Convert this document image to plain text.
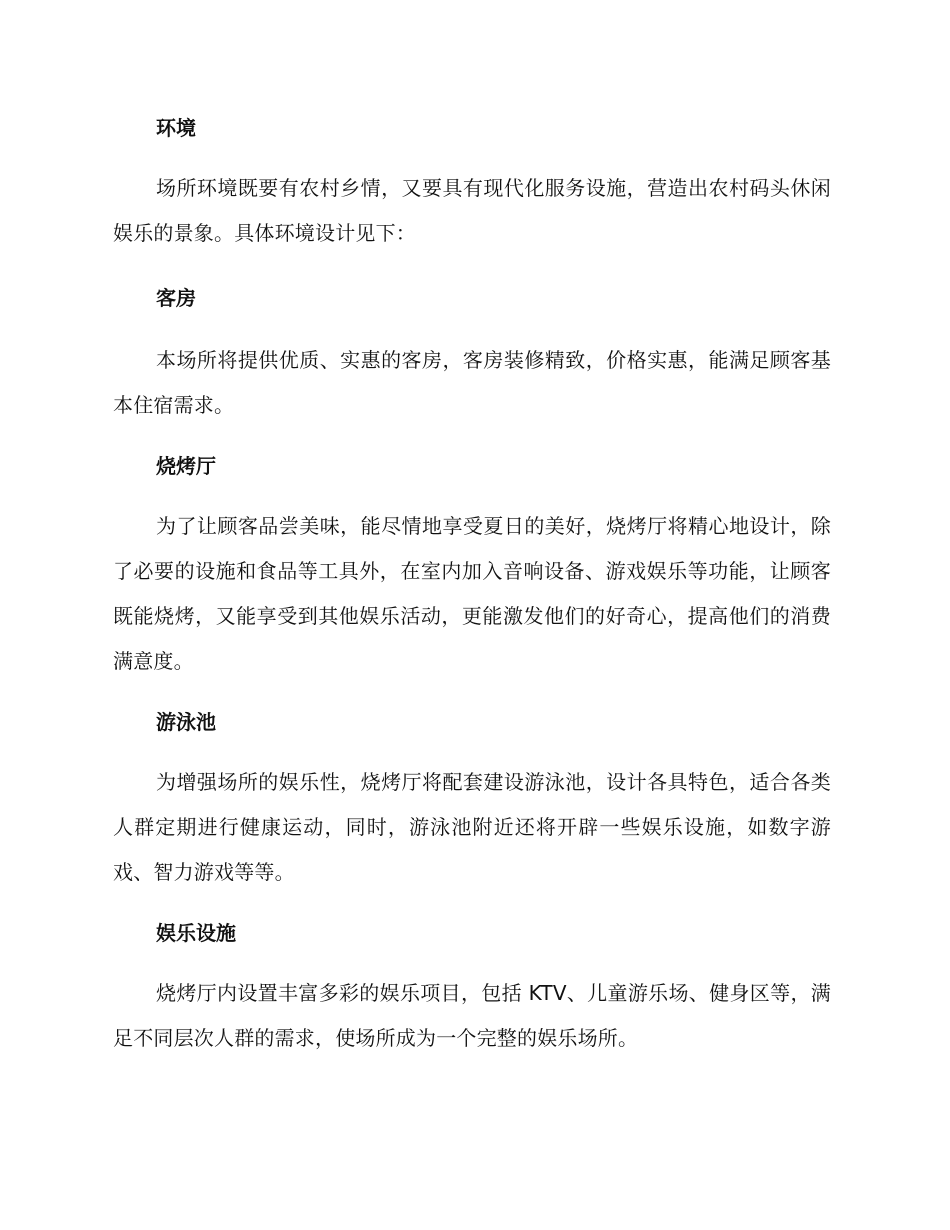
环境

场所环境既要有农村乡情，又要具有现代化服务设施，营造出农村码头休闲娱乐的景象。具体环境设计见下：

客房

本场所将提供优质、实惠的客房，客房装修精致，价格实惠，能满足顾客基本住宿需求。

烧烤厅

为了让顾客品尝美味，能尽情地享受夏日的美好，烧烤厅将精心地设计，除了必要的设施和食品等工具外，在室内加入音响设备、游戏娱乐等功能，让顾客既能烧烤，又能享受到其他娱乐活动，更能激发他们的好奇心，提高他们的消费满意度。

游泳池

为增强场所的娱乐性，烧烤厅将配套建设游泳池，设计各具特色，适合各类人群定期进行健康运动，同时，游泳池附近还将开辟一些娱乐设施，如数字游戏、智力游戏等等。

娱乐设施

烧烤厅内设置丰富多彩的娱乐项目，包括 KTV、儿童游乐场、健身区等，满足不同层次人群的需求，使场所成为一个完整的娱乐场所。
